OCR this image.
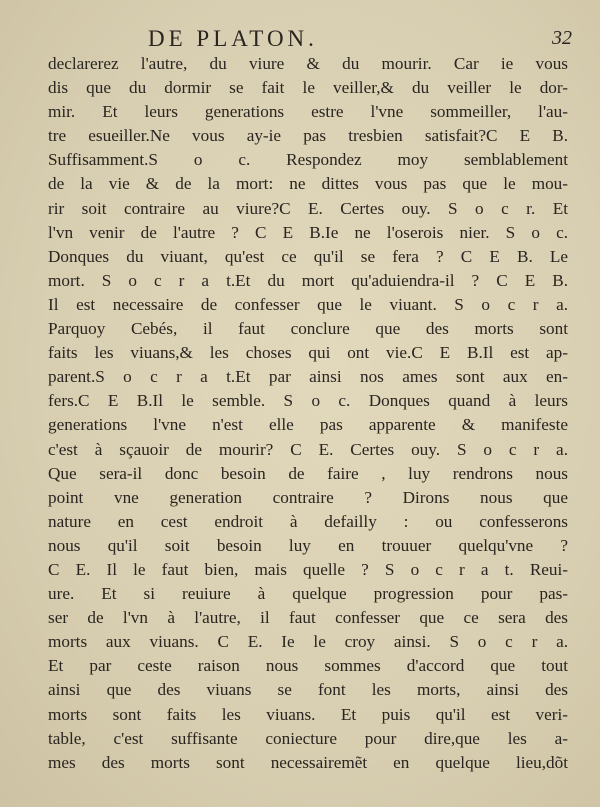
DE PLATON.	32
declarerez l'autre, du viure & du mourir. Car ie vous
dis que du dormir se fait le veiller,& du veiller le dor-
mir. Et leurs generations estre l'vne sommeiller, l'au-
tre esueiller.Ne vous ay-ie pas tresbien satisfait?C E B.
Suffisamment.S o c. Respondez moy semblablement
de la vie & de la mort: ne dittes vous pas que le mou-
rir soit contraire au viure?C E. Certes ouy. S o c r. Et
l'vn venir de l'autre ? C E B.Ie ne l'oserois nier. S o c.
Donques du viuant, qu'est ce qu'il se fera ? C E B. Le
mort. S o c r a t.Et du mort qu'aduiendra-il ? C E B.
Il est necessaire de confesser que le viuant. S o c r a.
Parquoy Cebés, il faut conclure que des morts sont
faits les viuans,& les choses qui ont vie.C E B.Il est ap-
parent.S o c r a t.Et par ainsi nos ames sont aux en-
fers.C E B.Il le semble. S o c. Donques quand à leurs
generations l'vne n'est elle pas apparente & manifeste
c'est à sçauoir de mourir? C E. Certes ouy. S o c r a.
Que sera-il donc besoin de faire , luy rendrons nous
point vne generation contraire ? Dirons nous que
nature en cest endroit à defailly : ou confesserons
nous qu'il soit besoin luy en trouuer quelqu'vne ?
C E. Il le faut bien, mais quelle ? S o c r a t. Reui-
ure. Et si reuiure à quelque progression pour pas-
ser de l'vn à l'autre, il faut confesser que ce sera des
morts aux viuans. C E. Ie le croy ainsi. S o c r a.
Et par ceste raison nous sommes d'accord que tout
ainsi que des viuans se font les morts, ainsi des
morts sont faits les viuans. Et puis qu'il est veri-
table, c'est suffisante coniecture pour dire,que les a-
mes des morts sont necessairemẽt en quelque lieu,dõt
